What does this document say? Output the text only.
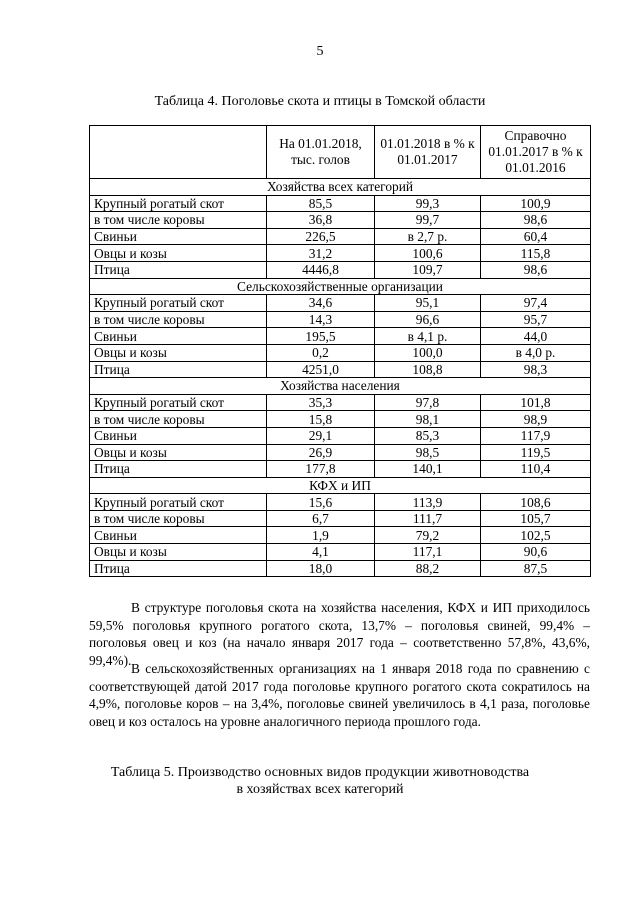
5
Таблица 4. Поголовье скота и птицы в Томской области
	На 01.01.2018, тыс. голов	01.01.2018 в % к 01.01.2017	Справочно 01.01.2017 в % к 01.01.2016
Хозяйства всех категорий			
Крупный рогатый скот	85,5	99,3	100,9
в том числе коровы	36,8	99,7	98,6
Свиньи	226,5	в 2,7 р.	60,4
Овцы и козы	31,2	100,6	115,8
Птица	4446,8	109,7	98,6
Сельскохозяйственные организации			
Крупный рогатый скот	34,6	95,1	97,4
в том числе коровы	14,3	96,6	95,7
Свиньи	195,5	в 4,1 р.	44,0
Овцы и козы	0,2	100,0	в 4,0 р.
Птица	4251,0	108,8	98,3
Хозяйства населения			
Крупный рогатый скот	35,3	97,8	101,8
в том числе коровы	15,8	98,1	98,9
Свиньи	29,1	85,3	117,9
Овцы и козы	26,9	98,5	119,5
Птица	177,8	140,1	110,4
КФХ и ИП			
Крупный рогатый скот	15,6	113,9	108,6
в том числе коровы	6,7	111,7	105,7
Свиньи	1,9	79,2	102,5
Овцы и козы	4,1	117,1	90,6
Птица	18,0	88,2	87,5

В структуре поголовья скота на хозяйства населения, КФХ и ИП приходилось 59,5% поголовья крупного рогатого скота, 13,7% – поголовья свиней, 99,4% – поголовья овец и коз (на начало января 2017 года – соответственно 57,8%, 43,6%, 99,4%).

В сельскохозяйственных организациях на 1 января 2018 года по сравнению с соответствующей датой 2017 года поголовье крупного рогатого скота сократилось на 4,9%, поголовье коров – на 3,4%, поголовье свиней увеличилось в 4,1 раза, поголовье овец и коз осталось на уровне аналогичного периода прошлого года.

Таблица 5. Производство основных видов продукции животноводства
в хозяйствах всех категорий
